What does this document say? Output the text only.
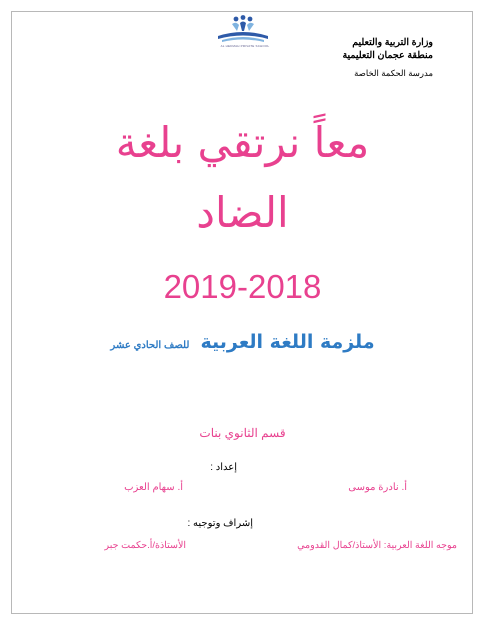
AL HEKMAH PRIVATE SCHOOL	وزارة التربية والتعليم
منطقة عجمان التعليمية
مدرسة الحكمة الخاصة
معاً نرتقي بلغة
الضاد
2019-2018
ملزمة اللغة العربية للصف الحادي عشر
قسم الثانوي بنات
إعداد :
أ. نادرة موسى
أ. سهام العزب
إشراف وتوجيه :
موجه اللغة العربية: الأستاذ/كمال القدومي
الأستاذة/أ.حكمت جبر
